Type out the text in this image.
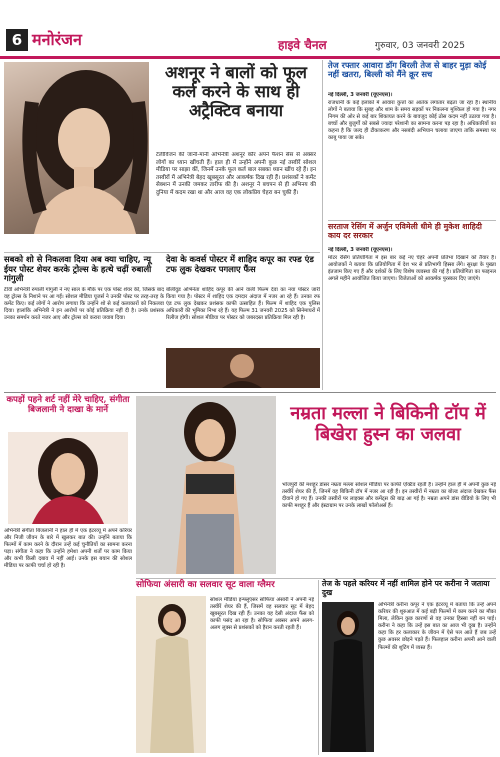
6 मनोरंजन	हाइवे चैनल	गुरुवार, 03 जनवरी 2025
अशनूर ने बालों को फूल कर्ल करने के साथ ही अट्रैक्टिव बनाया
टेलीविजन की जानी-मानी अभिनेत्री अशनूर कौर अपने फैशन सेंस से अक्सर लोगों का ध्यान खींचती हैं। हाल ही में उन्होंने अपनी कुछ नई तस्वीरें सोशल मीडिया पर साझा कीं, जिनमें उनके फूल कर्ल बाल सबका ध्यान खींच रहे हैं। इन तस्वीरों में अभिनेत्री बेहद खूबसूरत और आकर्षक दिख रही हैं। प्रशंसकों ने कमेंट सेक्शन में उनकी जमकर तारीफ की है। अशनूर ने बचपन से ही अभिनय की दुनिया में कदम रखा था और आज वह एक लोकप्रिय चेहरा बन चुकी हैं।
तेज रफ्तार आवारा डॉग बिरली तेज से बाहर मुड़ा कोई नहीं खतरा, बिल्ली को मैंने क्रूर सच
नई दिल्ली, 3 जनवरी (यूएनएस)।
राजधानी के कई इलाकों में आवारा कुत्तों का आतंक लगातार बढ़ता जा रहा है। स्थानीय लोगों ने बताया कि सुबह और शाम के समय सड़कों पर निकलना मुश्किल हो गया है। नगर निगम की ओर से कई बार शिकायत करने के बावजूद कोई ठोस कदम नहीं उठाया गया है। बच्चों और बुजुर्गों को सबसे ज्यादा परेशानी का सामना करना पड़ रहा है। अधिकारियों का कहना है कि जल्द ही टीकाकरण और नसबंदी अभियान चलाया जाएगा ताकि समस्या पर काबू पाया जा सके।
सरताज रेसिंग में अर्जुन एविमेली धीमे ही मुकेश शाहिदी काय दर सरकार
नई दिल्ली, 3 जनवरी (यूएनएस)।
मोटर रेसिंग प्रतियोगिता में इस बार कई नए चेहरे अपनी प्रतिभा दिखाने को तैयार हैं। आयोजकों ने बताया कि प्रतियोगिता में देश भर से प्रतिभागी हिस्सा लेंगे। सुरक्षा के पुख्ता इंतजाम किए गए हैं और दर्शकों के लिए विशेष व्यवस्था की गई है। प्रतियोगिता का फाइनल अगले महीने आयोजित किया जाएगा। विजेताओं को आकर्षक पुरस्कार दिए जाएंगे।
सबको शो से निकलवा दिया अब क्या चाहिए, न्यू ईयर पोस्ट शेयर करके ट्रोल्स के हत्थे चढ़ीं रुबाली गांगुली
टीवी अभिनेत्री रुपाली गांगुली ने नए साल के मौके पर एक पोस्ट शेयर की, जिसके बाद वह ट्रोल्स के निशाने पर आ गईं। सोशल मीडिया यूजर्स ने उनकी पोस्ट पर तरह-तरह के कमेंट किए। कई लोगों ने आरोप लगाया कि उन्होंने शो से कई कलाकारों को निकलवा दिया। हालांकि अभिनेत्री ने इन आरोपों पर कोई प्रतिक्रिया नहीं दी है। उनके प्रशंसक उनका समर्थन करते नजर आए और ट्रोल्स को करारा जवाब दिया।
देवा के कवर्स पोस्टर में शाहिद कपूर का रफ्ड एंड टफ लुक देखकर पगलाए फैंस
बॉलीवुड अभिनेता शाहिद कपूर की आने वाली फिल्म देवा का नया पोस्टर जारी किया गया है। पोस्टर में शाहिद एक दमदार अंदाज में नजर आ रहे हैं। उनका रफ एंड टफ लुक देखकर प्रशंसक काफी उत्साहित हैं। फिल्म में शाहिद एक पुलिस अधिकारी की भूमिका निभा रहे हैं। यह फिल्म 31 जनवरी 2025 को सिनेमाघरों में रिलीज होगी। सोशल मीडिया पर पोस्टर को जबरदस्त प्रतिक्रिया मिल रही है।
कपड़ों पहने शर्ट नहीं मेरे चाहिए, संगीता बिजलानी ने दाखा के मार्ने
अभिनेत्री संगीता बिजलानी ने हाल ही में एक इंटरव्यू में अपने करियर और निजी जीवन के बारे में खुलकर बात की। उन्होंने बताया कि फिल्मों में काम करने के दौरान उन्हें कई चुनौतियों का सामना करना पड़ा। संगीता ने कहा कि उन्होंने हमेशा अपनी शर्तों पर काम किया और कभी किसी दबाव में नहीं आईं। उनके इस बयान की सोशल मीडिया पर काफी चर्चा हो रही है।
नम्रता मल्ला ने बिकिनी टॉप में बिखेरा हुस्न का जलवा
भोजपुरी की मशहूर डांसर नम्रता मल्ला सोशल मीडिया पर काफी एक्टिव रहती हैं। उन्होंने हाल ही में अपनी कुछ नई तस्वीरें शेयर की हैं, जिनमें वह बिकिनी टॉप में नजर आ रही हैं। इन तस्वीरों में नम्रता का बोल्ड अंदाज देखकर फैंस दीवाने हो गए हैं। उनकी तस्वीरों पर लाइक्स और कमेंट्स की बाढ़ आ गई है। नम्रता अपने डांस वीडियो के लिए भी काफी मशहूर हैं और इंस्टाग्राम पर उनके लाखों फॉलोअर्स हैं।
सोफिया अंसारी का सलवार सूट वाला ग्लैमर
सोशल मीडिया इन्फ्लुएंसर सोफिया अंसारी ने अपनी नई तस्वीरें शेयर की हैं, जिसमें वह सलवार सूट में बेहद खूबसूरत दिख रही हैं। उनका यह देसी अंदाज फैंस को काफी पसंद आ रहा है। सोफिया अक्सर अपने अलग-अलग लुक्स से प्रशंसकों को हैरान करती रहती हैं।
तेज के पहले करियर में नहीं शामिल होने पर करीना ने जताया दुख
अभिनेत्री करीना कपूर ने एक इंटरव्यू में बताया कि उन्हें अपने करियर की शुरुआत में कई बड़ी फिल्मों में काम करने का मौका मिला, लेकिन कुछ कारणों से वह उनका हिस्सा नहीं बन पाईं। करीना ने कहा कि उन्हें इस बात का आज भी दुख है। उन्होंने कहा कि हर कलाकार के जीवन में ऐसे पल आते हैं जब उन्हें कुछ अवसर छोड़ने पड़ते हैं। फिलहाल करीना अपनी आने वाली फिल्मों की शूटिंग में व्यस्त हैं।
